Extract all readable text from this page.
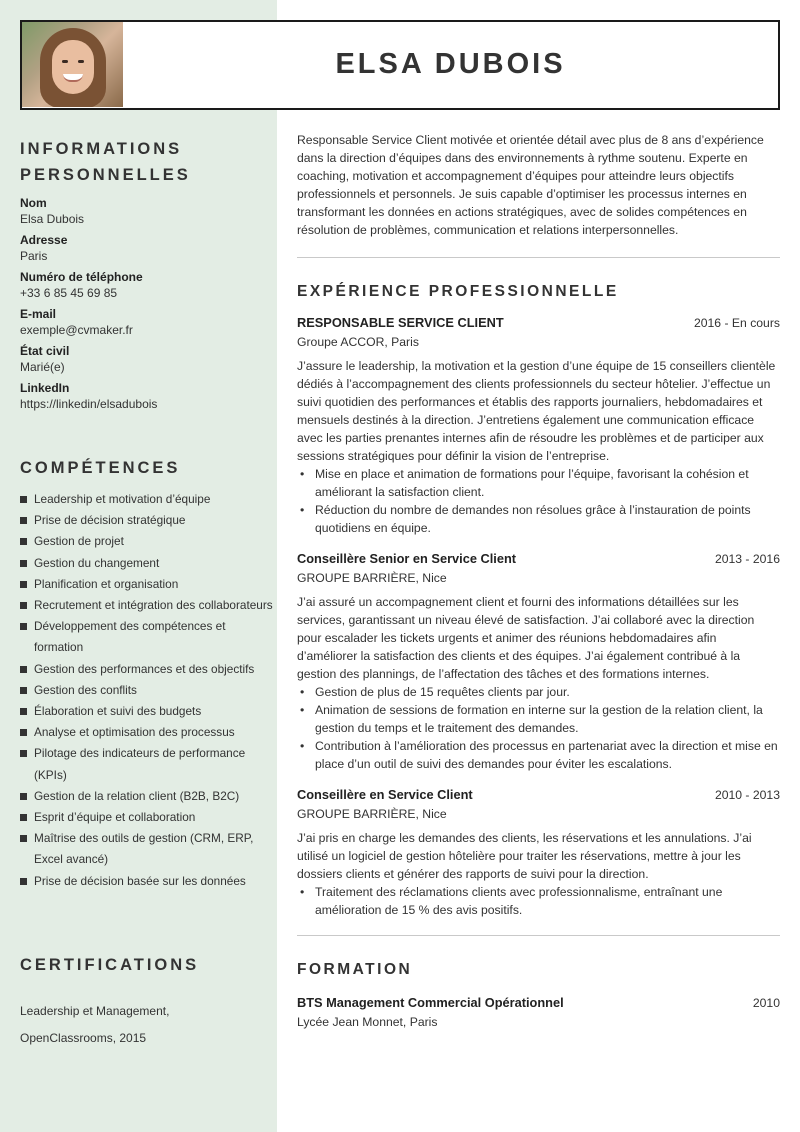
ELSA DUBOIS
INFORMATIONS PERSONNELLES
Nom
Elsa Dubois
Adresse
Paris
Numéro de téléphone
+33 6 85 45 69 85
E-mail
exemple@cvmaker.fr
État civil
Marié(e)
LinkedIn
https://linkedin/elsadubois
COMPÉTENCES
Leadership et motivation d’équipe
Prise de décision stratégique
Gestion de projet
Gestion du changement
Planification et organisation
Recrutement et intégration des collaborateurs
Développement des compétences et formation
Gestion des performances et des objectifs
Gestion des conflits
Élaboration et suivi des budgets
Analyse et optimisation des processus
Pilotage des indicateurs de performance (KPIs)
Gestion de la relation client (B2B, B2C)
Esprit d’équipe et collaboration
Maîtrise des outils de gestion (CRM, ERP, Excel avancé)
Prise de décision basée sur les données
CERTIFICATIONS
Leadership et Management,
OpenClassrooms, 2015

Responsable Service Client motivée et orientée détail avec plus de 8 ans d’expérience dans la direction d’équipes dans des environnements à rythme soutenu. Experte en coaching, motivation et accompagnement d’équipes pour atteindre leurs objectifs professionnels et personnels. Je suis capable d’optimiser les processus internes en transformant les données en actions stratégiques, avec de solides compétences en résolution de problèmes, communication et relations interpersonnelles.

EXPÉRIENCE PROFESSIONNELLE
RESPONSABLE SERVICE CLIENT	2016 - En cours
Groupe ACCOR, Paris

J’assure le leadership, la motivation et la gestion d’une équipe de 15 conseillers clientèle dédiés à l’accompagnement des clients professionnels du secteur hôtelier. J’effectue un suivi quotidien des performances et établis des rapports journaliers, hebdomadaires et mensuels destinés à la direction. J’entretiens également une communication efficace avec les parties prenantes internes afin de résoudre les problèmes et de participer aux sessions stratégiques pour définir la vision de l’entreprise.

• Mise en place et animation de formations pour l’équipe, favorisant la cohésion et améliorant la satisfaction client.
• Réduction du nombre de demandes non résolues grâce à l’instauration de points quotidiens en équipe.
Conseillère Senior en Service Client	2013 - 2016
GROUPE BARRIÈRE, Nice

J’ai assuré un accompagnement client et fourni des informations détaillées sur les services, garantissant un niveau élevé de satisfaction. J’ai collaboré avec la direction pour escalader les tickets urgents et animer des réunions hebdomadaires afin d’améliorer la satisfaction des clients et des équipes. J’ai également contribué à la gestion des plannings, de l’affectation des tâches et des formations internes.

• Gestion de plus de 15 requêtes clients par jour.
• Animation de sessions de formation en interne sur la gestion de la relation client, la gestion du temps et le traitement des demandes.
• Contribution à l’amélioration des processus en partenariat avec la direction et mise en place d’un outil de suivi des demandes pour éviter les escalations.
Conseillère en Service Client	2010 - 2013
GROUPE BARRIÈRE, Nice

J’ai pris en charge les demandes des clients, les réservations et les annulations. J’ai utilisé un logiciel de gestion hôtelière pour traiter les réservations, mettre à jour les dossiers clients et générer des rapports de suivi pour la direction.

• Traitement des réclamations clients avec professionnalisme, entraînant une amélioration de 15 % des avis positifs.
FORMATION
BTS Management Commercial Opérationnel	2010
Lycée Jean Monnet, Paris
